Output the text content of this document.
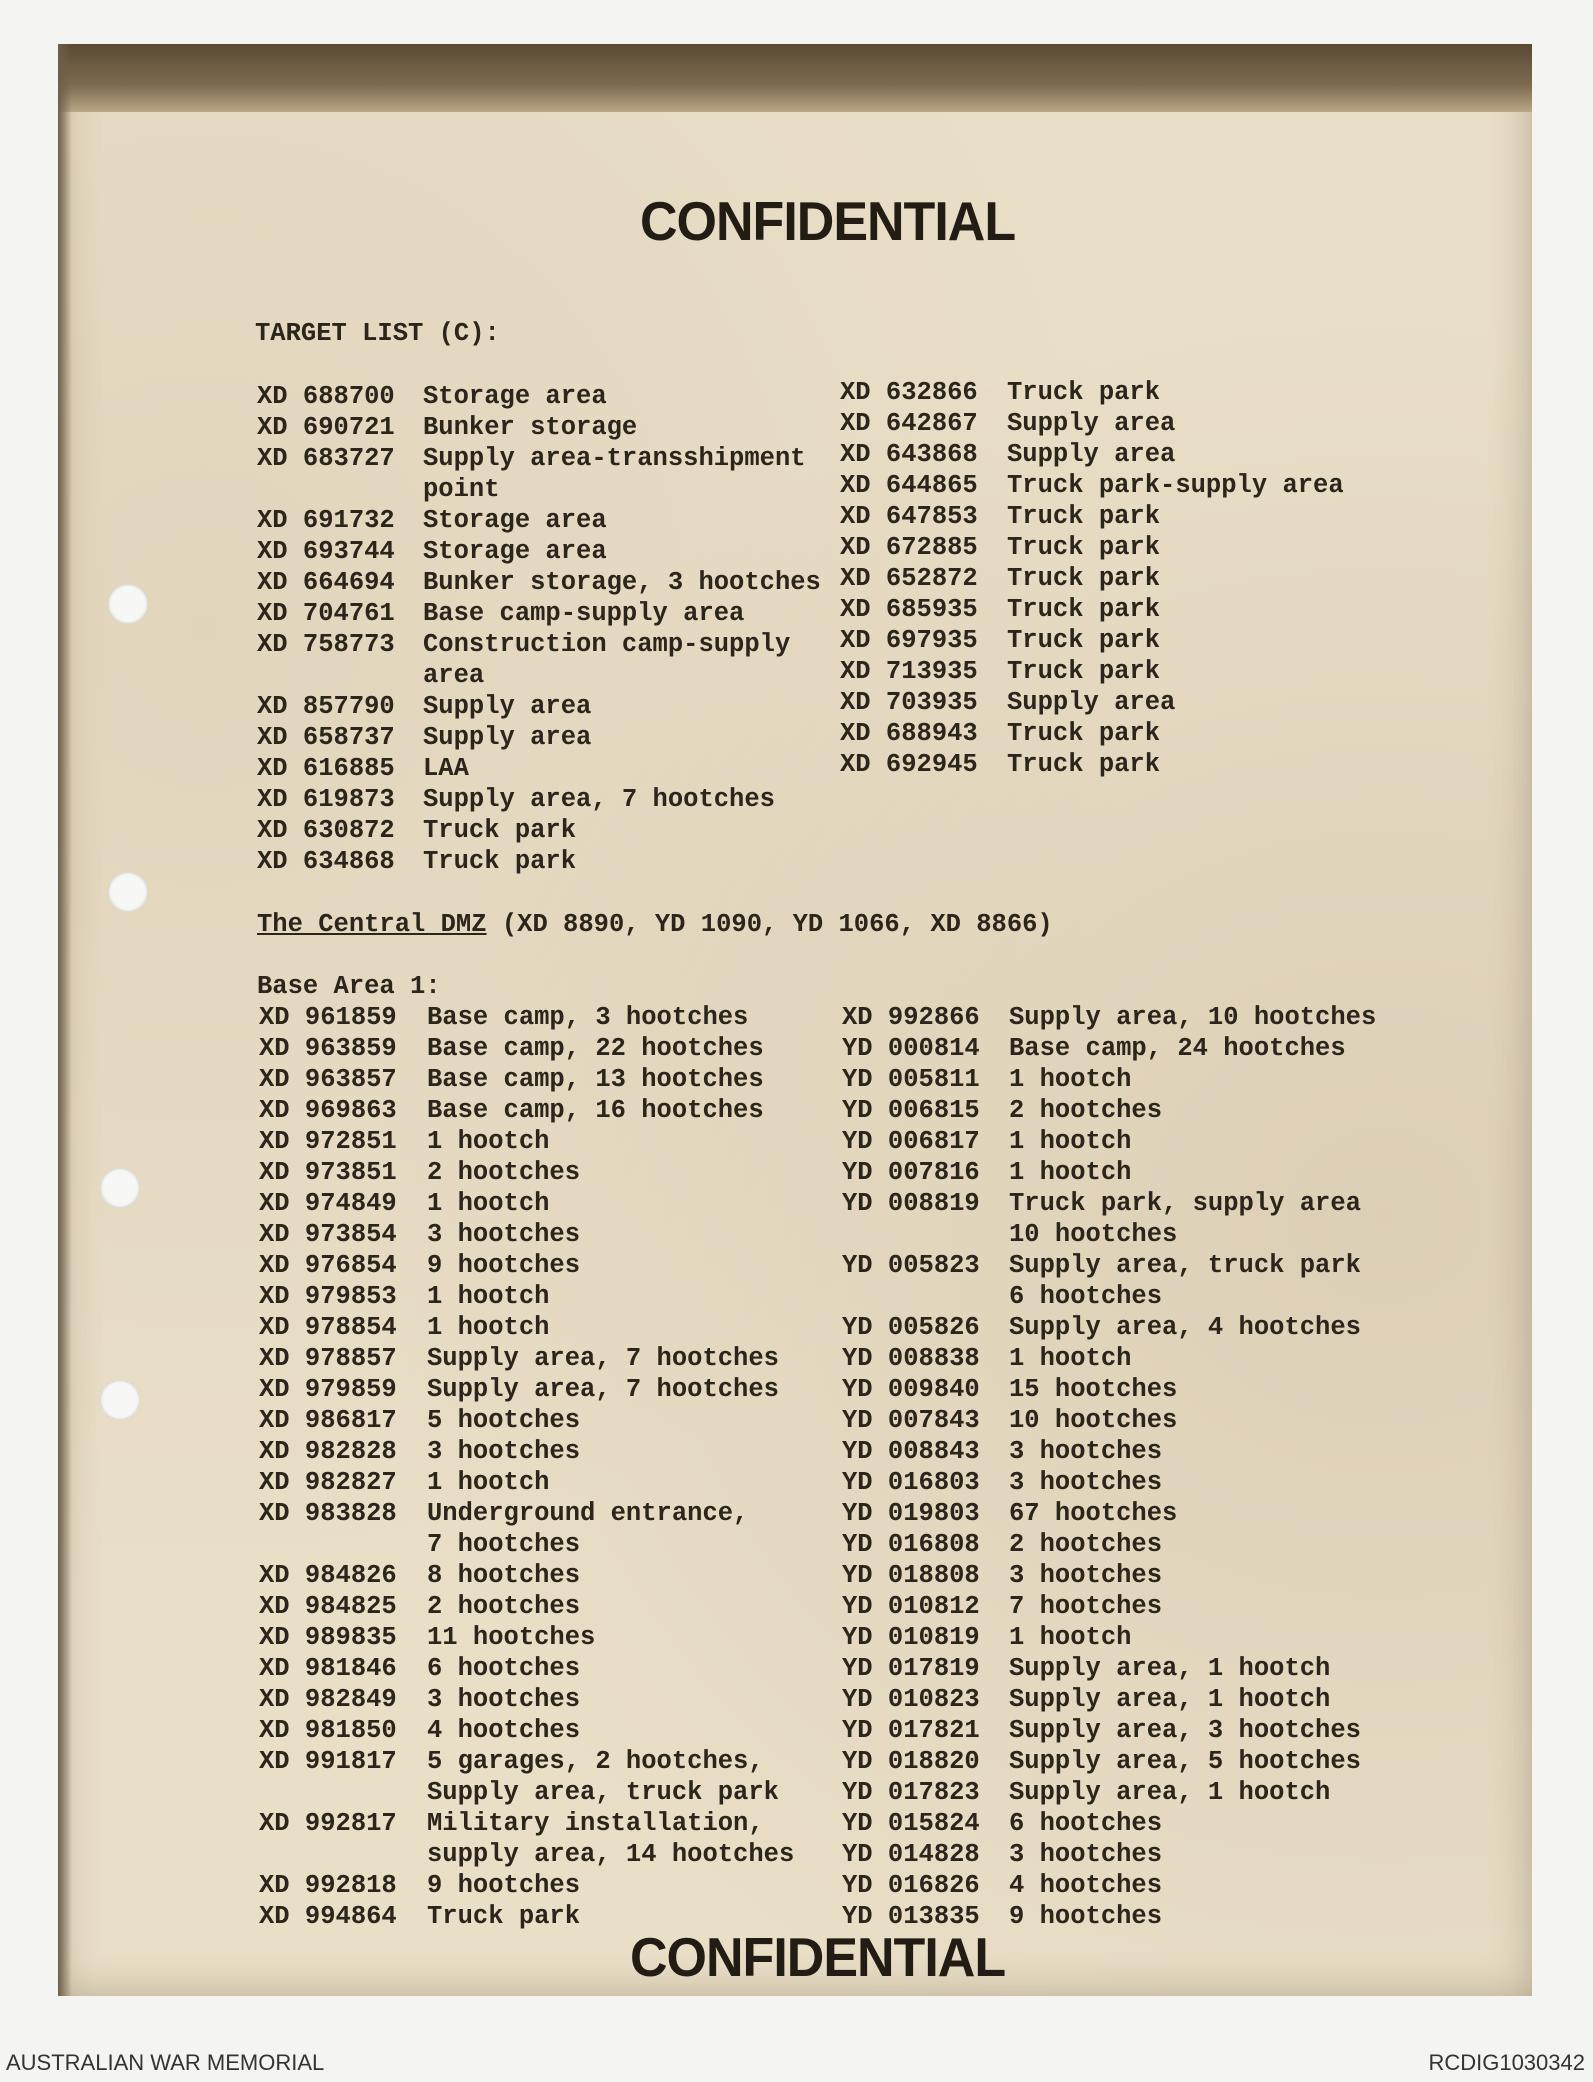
CONFIDENTIAL
TARGET LIST (C):
XD 688700 Storage area
XD 690721 Bunker storage
XD 683727 Supply area-transshipment
point
XD 691732 Storage area
XD 693744 Storage area
XD 664694 Bunker storage, 3 hootches
XD 704761 Base camp-supply area
XD 758773 Construction camp-supply
area
XD 857790 Supply area
XD 658737 Supply area
XD 616885 LAA
XD 619873 Supply area, 7 hootches
XD 630872 Truck park
XD 634868 Truck park
XD 632866 Truck park
XD 642867 Supply area
XD 643868 Supply area
XD 644865 Truck park-supply area
XD 647853 Truck park
XD 672885 Truck park
XD 652872 Truck park
XD 685935 Truck park
XD 697935 Truck park
XD 713935 Truck park
XD 703935 Supply area
XD 688943 Truck park
XD 692945 Truck park
The Central DMZ (XD 8890, YD 1090, YD 1066, XD 8866)
Base Area 1:
XD 961859 Base camp, 3 hootches
XD 963859 Base camp, 22 hootches
XD 963857 Base camp, 13 hootches
XD 969863 Base camp, 16 hootches
XD 972851 1 hootch
XD 973851 2 hootches
XD 974849 1 hootch
XD 973854 3 hootches
XD 976854 9 hootches
XD 979853 1 hootch
XD 978854 1 hootch
XD 978857 Supply area, 7 hootches
XD 979859 Supply area, 7 hootches
XD 986817 5 hootches
XD 982828 3 hootches
XD 982827 1 hootch
XD 983828 Underground entrance,
7 hootches
XD 984826 8 hootches
XD 984825 2 hootches
XD 989835 11 hootches
XD 981846 6 hootches
XD 982849 3 hootches
XD 981850 4 hootches
XD 991817 5 garages, 2 hootches,
Supply area, truck park
XD 992817 Military installation,
supply area, 14 hootches
XD 992818 9 hootches
XD 994864 Truck park
XD 992866 Supply area, 10 hootches
YD 000814 Base camp, 24 hootches
YD 005811 1 hootch
YD 006815 2 hootches
YD 006817 1 hootch
YD 007816 1 hootch
YD 008819 Truck park, supply area
10 hootches
YD 005823 Supply area, truck park
6 hootches
YD 005826 Supply area, 4 hootches
YD 008838 1 hootch
YD 009840 15 hootches
YD 007843 10 hootches
YD 008843 3 hootches
YD 016803 3 hootches
YD 019803 67 hootches
YD 016808 2 hootches
YD 018808 3 hootches
YD 010812 7 hootches
YD 010819 1 hootch
YD 017819 Supply area, 1 hootch
YD 010823 Supply area, 1 hootch
YD 017821 Supply area, 3 hootches
YD 018820 Supply area, 5 hootches
YD 017823 Supply area, 1 hootch
YD 015824 6 hootches
YD 014828 3 hootches
YD 016826 4 hootches
YD 013835 9 hootches
CONFIDENTIAL
AUSTRALIAN WAR MEMORIAL	RCDIG1030342
